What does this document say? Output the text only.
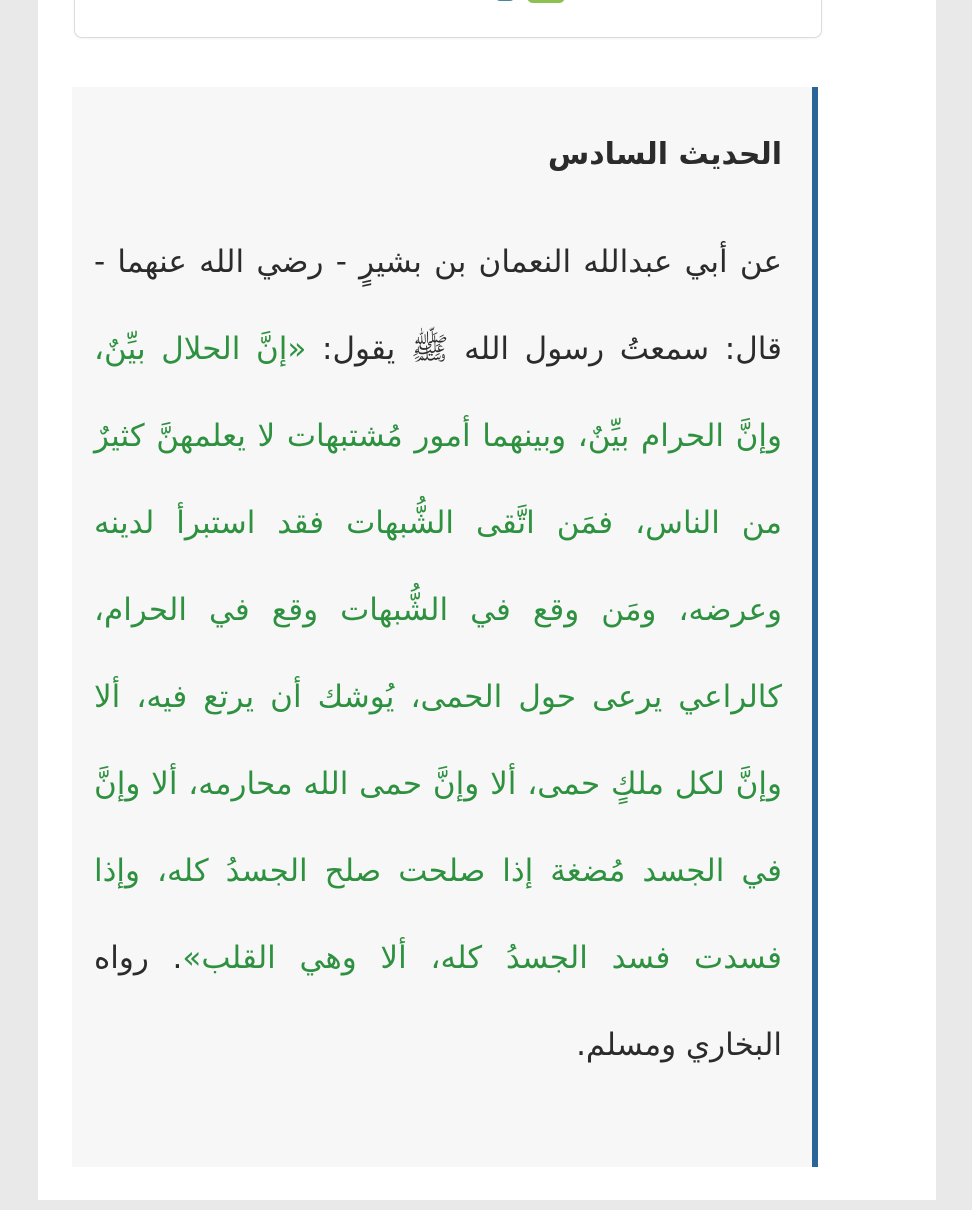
الحديث السادس

عن أبي عبدالله النعمان بن بشيرٍ - رضي الله عنهما - قال: سمعتُ رسول الله ﷺ يقول: «إنَّ الحلال بيِّنٌ، وإنَّ الحرام بيِّنٌ، وبينهما أمور مُشتبهات لا يعلمهنَّ كثيرٌ من الناس، فمَن اتَّقى الشُّبهات فقد استبرأ لدينه وعرضه، ومَن وقع في الشُّبهات وقع في الحرام، كالراعي يرعى حول الحمى، يُوشك أن يرتع فيه، ألا وإنَّ لكل ملكٍ حمى، ألا وإنَّ حمى الله محارمه، ألا وإنَّ في الجسد مُضغة إذا صلحت صلح الجسدُ كله، وإذا فسدت فسد الجسدُ كله، ألا وهي القلب». رواه البخاري ومسلم.
